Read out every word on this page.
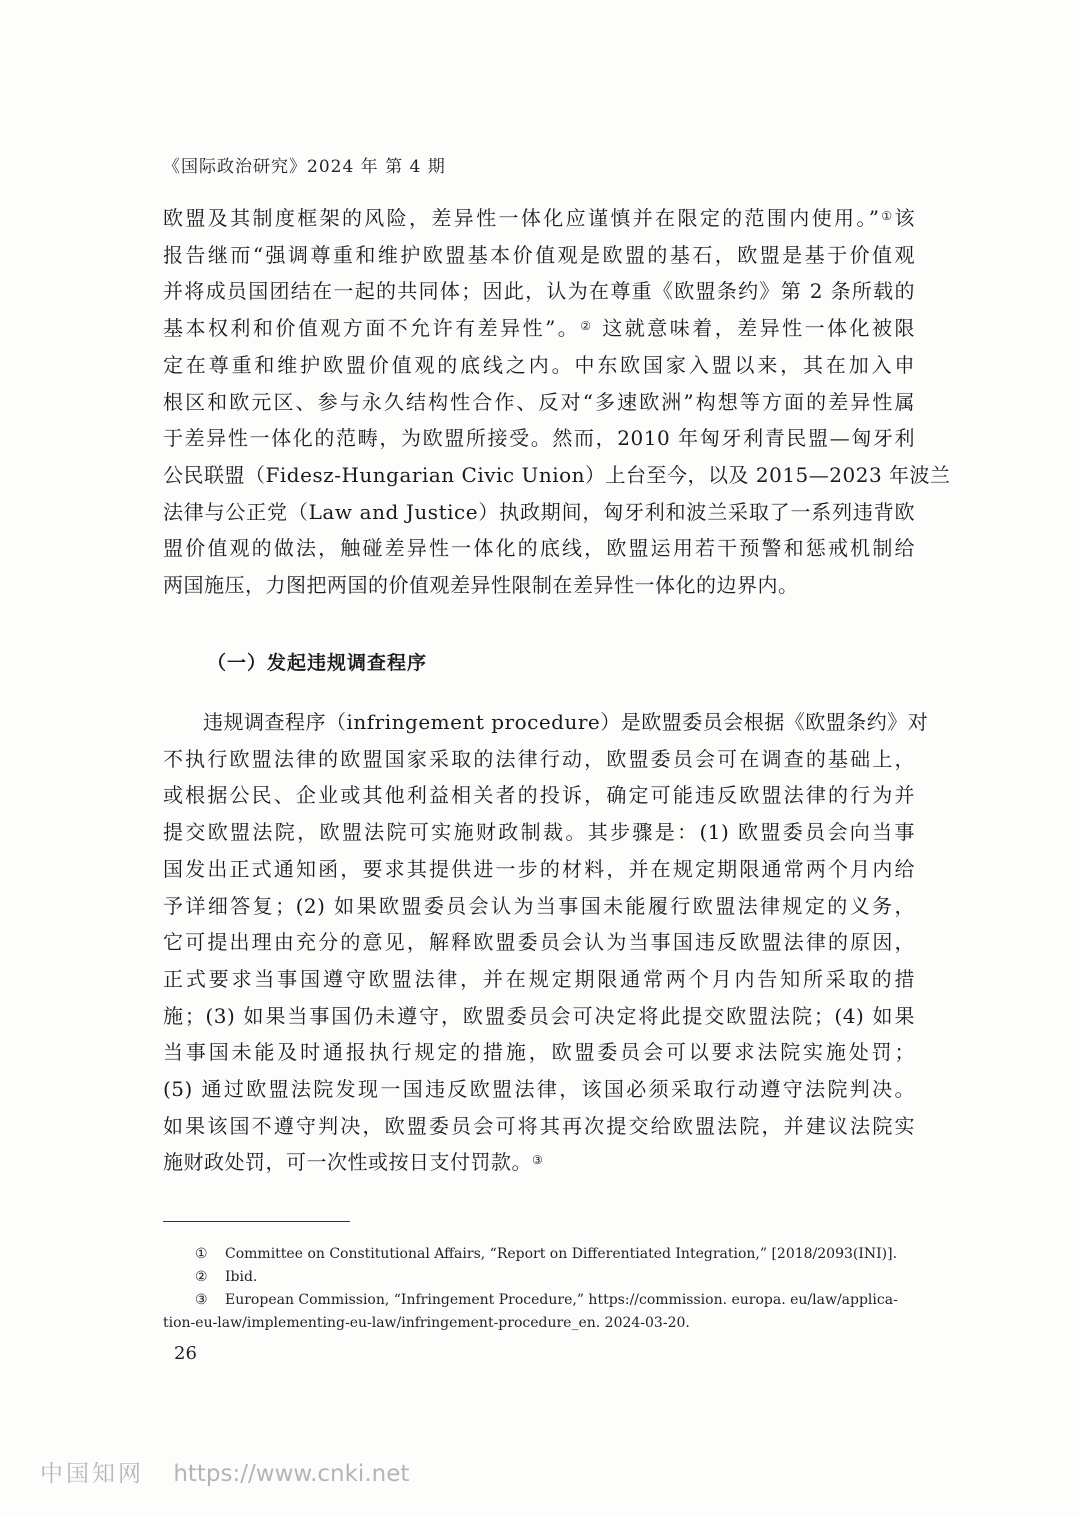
《国际政治研究》2024 年 第 4 期
欧盟及其制度框架的风险，差异性一体化应谨慎并在限定的范围内使用。”①该
报告继而“强调尊重和维护欧盟基本价值观是欧盟的基石，欧盟是基于价值观
并将成员国团结在一起的共同体；因此，认为在尊重《欧盟条约》第 2 条所载的
基本权利和价值观方面不允许有差异性”。② 这就意味着，差异性一体化被限
定在尊重和维护欧盟价值观的底线之内。中东欧国家入盟以来，其在加入申
根区和欧元区、参与永久结构性合作、反对“多速欧洲”构想等方面的差异性属
于差异性一体化的范畴，为欧盟所接受。然而，2010 年匈牙利青民盟—匈牙利
公民联盟（Fidesz-Hungarian Civic Union）上台至今，以及 2015—2023 年波兰
法律与公正党（Law and Justice）执政期间，匈牙利和波兰采取了一系列违背欧
盟价值观的做法，触碰差异性一体化的底线，欧盟运用若干预警和惩戒机制给
两国施压，力图把两国的价值观差异性限制在差异性一体化的边界内。
（一）发起违规调查程序
违规调查程序（infringement procedure）是欧盟委员会根据《欧盟条约》对
不执行欧盟法律的欧盟国家采取的法律行动，欧盟委员会可在调查的基础上，
或根据公民、企业或其他利益相关者的投诉，确定可能违反欧盟法律的行为并
提交欧盟法院，欧盟法院可实施财政制裁。其步骤是：(1) 欧盟委员会向当事
国发出正式通知函，要求其提供进一步的材料，并在规定期限通常两个月内给
予详细答复；(2) 如果欧盟委员会认为当事国未能履行欧盟法律规定的义务，
它可提出理由充分的意见，解释欧盟委员会认为当事国违反欧盟法律的原因，
正式要求当事国遵守欧盟法律，并在规定期限通常两个月内告知所采取的措
施；(3) 如果当事国仍未遵守，欧盟委员会可决定将此提交欧盟法院；(4) 如果
当事国未能及时通报执行规定的措施，欧盟委员会可以要求法院实施处罚；
(5) 通过欧盟法院发现一国违反欧盟法律，该国必须采取行动遵守法院判决。
如果该国不遵守判决，欧盟委员会可将其再次提交给欧盟法院，并建议法院实
施财政处罚，可一次性或按日支付罚款。③
①	Committee on Constitutional Affairs, “Report on Differentiated Integration,” [2018/2093(INI)].
②	Ibid.
③	European Commission, “Infringement Procedure,” https://commission. europa. eu/law/applica-
tion-eu-law/implementing-eu-law/infringement-procedure_en. 2024-03-20.
26
中国知网 https://www.cnki.net
